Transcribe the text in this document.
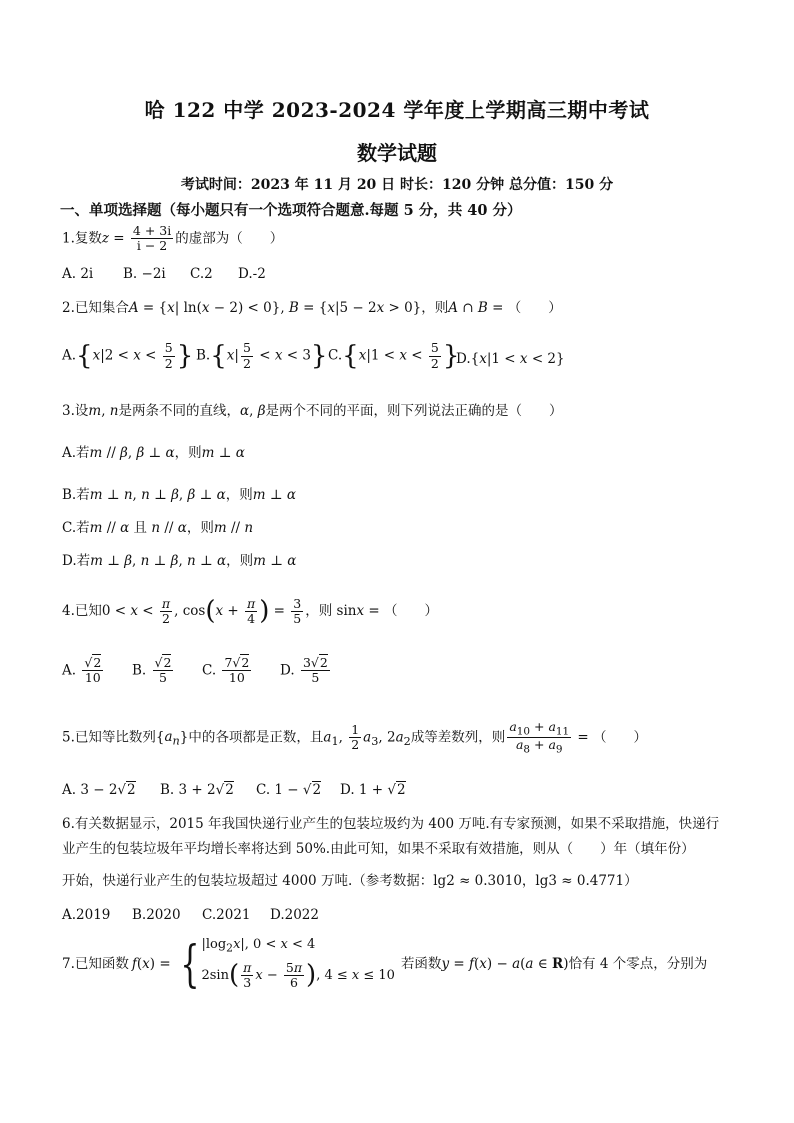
哈 122 中学 2023-2024 学年度上学期高三期中考试
数学试题
考试时间：2023 年 11 月 20 日 时长：120 分钟 总分值：150 分
一、单项选择题（每小题只有一个选项符合题意.每题 5 分，共 40 分）
1.复数$z = \frac{4 + 3i}{i - 2}$ 的虚部为（　　）
A. 2i B. −2i C.2 D.-2
2.已知集合A = {x| ln(x − 2) < 0}, B = {x|5 − 2x > 0}，则A ∩ B = （　　）
$A.\{x|2 < x < \frac{5}{2}$ } $B.\{x| \frac{5}{2} < x < 3\}$ $C.\{x|1 < x < \frac{5}{2}$ }
D.{x|1 < x < 2}
3.设m, n是两条不同的直线，α, β是两个不同的平面，则下列说法正确的是（　　）
A.若m // β, β ⊥ α，则m ⊥ α
B.若m ⊥ n, n ⊥ β, β ⊥ α，则m ⊥ α
C.若m // α 且 n // α，则m // n
D.若m ⊥ β, n ⊥ β, n ⊥ α，则m ⊥ α
4.已知$0 < x < \frac{\pi}{2}$ , $\cos(x + \frac{\pi}{4}$ ) = $\frac{3}{5}$ ，则 sinx = （　　）
A. $\frac{√2}{10} B$. $\frac{√2}{5} C$. $\frac{7√2}{10} D$. $\frac{3√2}{5}$
5.已知等比数列$\{a_n\}$中的各项都是正数，且$a_1$, $\frac{1}{2} a_3$, $2a_2$成等差数列，则 $\frac{a_{10} + a_{11}}{a_8 + a_9}$ = （　　）
A. 3 − 2√2 B. 3 + 2√2 C. 1 − √2 D. 1 + √2
6.有关数据显示，2015 年我国快递行业产生的包装垃圾约为 400 万吨.有专家预测，如果不采取措施，快递行
业产生的包装垃圾年平均增长率将达到 50%.由此可知，如果不采取有效措施，则从（　　）年（填年份）
开始，快递行业产生的包装垃圾超过 4000 万吨.（参考数据：lg2 ≈ 0.3010，lg3 ≈ 0.4771）
A.2019 B.2020 C.2021 D.2022
7.已知函数 f(x) = { $|\log_2x|$, 0 < x < 4
$2\sin( \frac{\pi}{3}$ $x - \frac{5\pi}{6}$ ), 4 ≤ x ≤ 10
若函数 y = f(x) − a(a ∈ R) 恰有 4 个零点，分别为
